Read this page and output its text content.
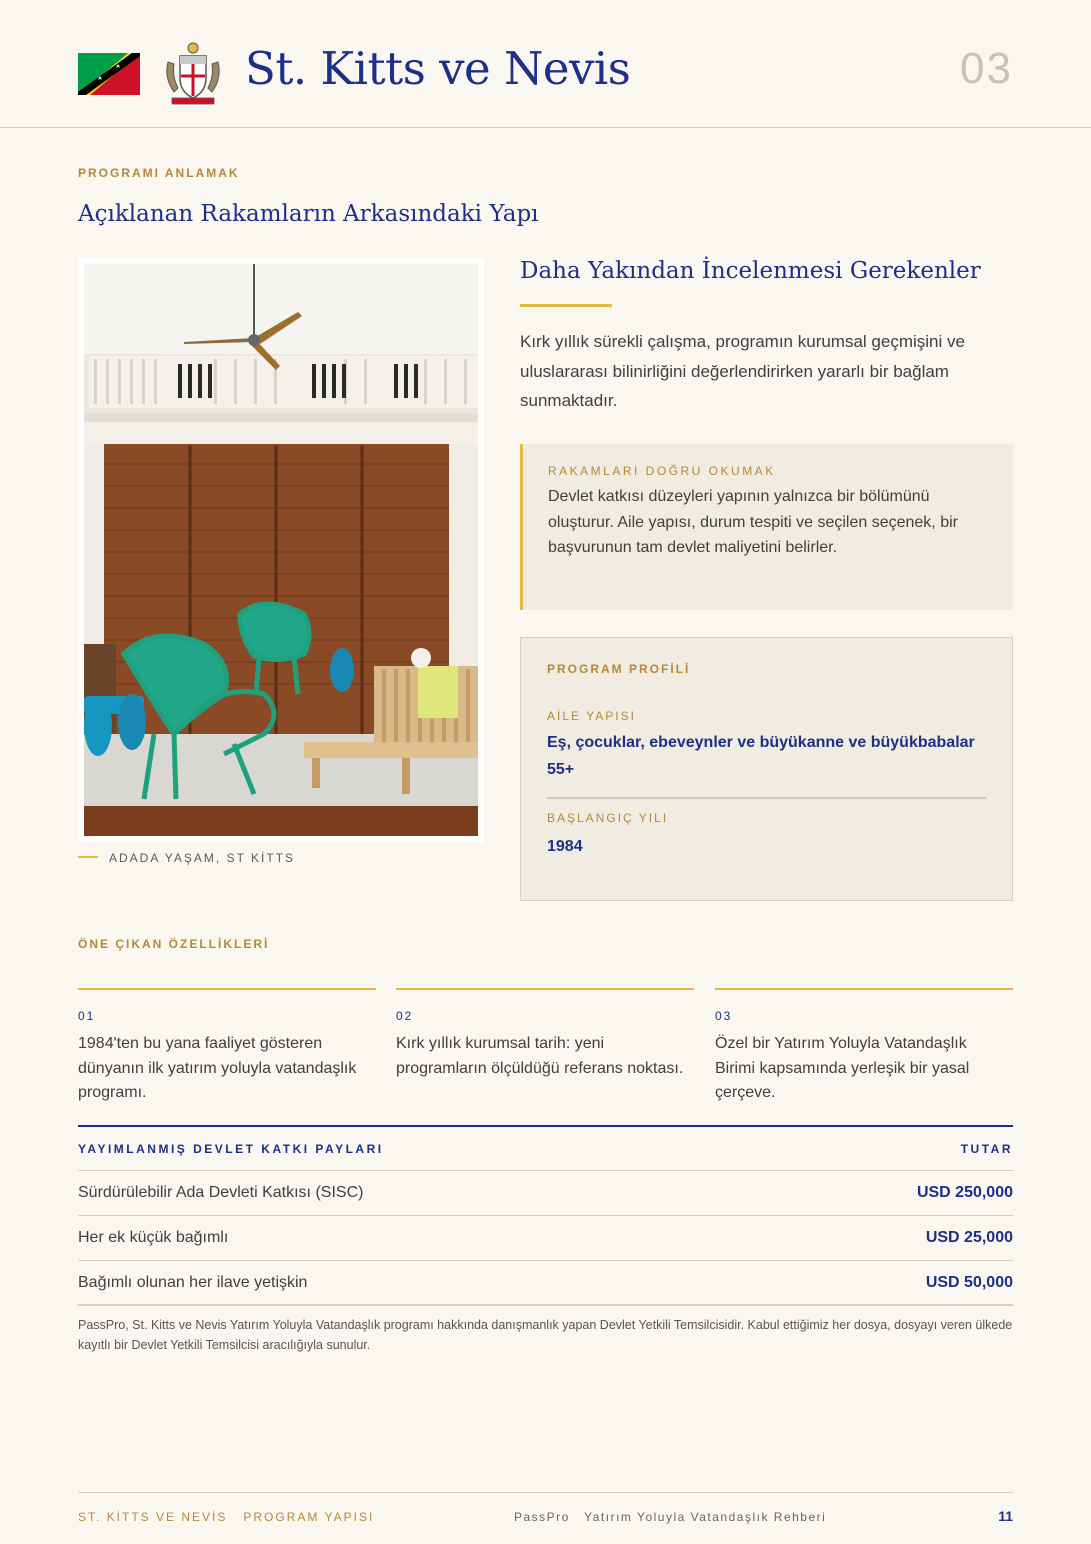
St. Kitts ve Nevis	03
PROGRAMI ANLAMAK
Açıklanan Rakamların Arkasındaki Yapı
ADADA YAŞAM, ST KİTTS
Daha Yakından İncelenmesi Gerekenler
Kırk yıllık sürekli çalışma, programın kurumsal geçmişini ve uluslararası bilinirliğini değerlendirirken yararlı bir bağlam sunmaktadır.
RAKAMLARI DOĞRU OKUMAK
Devlet katkısı düzeyleri yapının yalnızca bir bölümünü oluşturur. Aile yapısı, durum tespiti ve seçilen seçenek, bir başvurunun tam devlet maliyetini belirler.
PROGRAM PROFİLİ
AİLE YAPISI
Eş, çocuklar, ebeveynler ve büyükanne ve büyükbabalar 55+
BAŞLANGIÇ YILI
1984
ÖNE ÇIKAN ÖZELLİKLERİ
01
1984'ten bu yana faaliyet gösteren dünyanın ilk yatırım yoluyla vatandaşlık programı.
02
Kırk yıllık kurumsal tarih: yeni programların ölçüldüğü referans noktası.
03
Özel bir Yatırım Yoluyla Vatandaşlık Birimi kapsamında yerleşik bir yasal çerçeve.
YAYIMLANMIŞ DEVLET KATKI PAYLARI	TUTAR
Sürdürülebilir Ada Devleti Katkısı (SISC)	USD 250,000
Her ek küçük bağımlı	USD 25,000
Bağımlı olunan her ilave yetişkin	USD 50,000
PassPro, St. Kitts ve Nevis Yatırım Yoluyla Vatandaşlık programı hakkında danışmanlık yapan Devlet Yetkili Temsilcisidir. Kabul ettiğimiz her dosya, dosyayı veren ülkede kayıtlı bir Devlet Yetkili Temsilcisi aracılığıyla sunulur.
ST. KİTTS VE NEVİS   PROGRAM YAPISI	PassPro   Yatırım Yoluyla Vatandaşlık Rehberi	11
